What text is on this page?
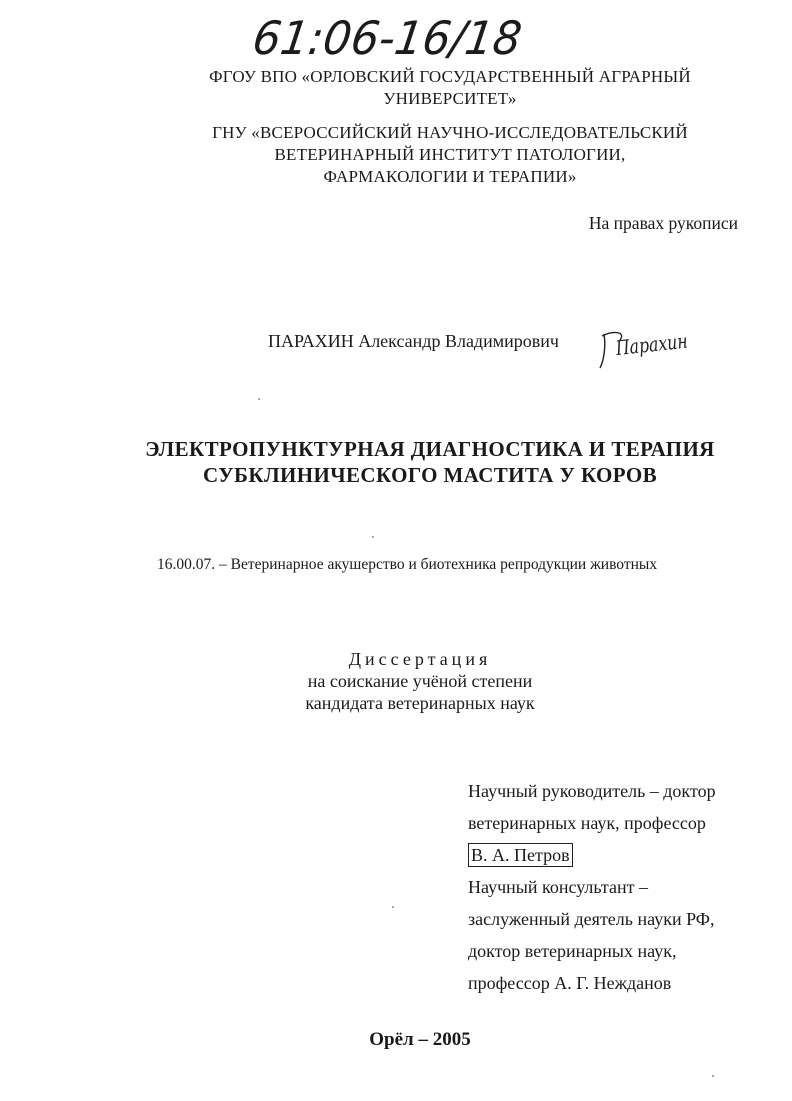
61:06-16/18
ФГОУ ВПО «ОРЛОВСКИЙ ГОСУДАРСТВЕННЫЙ АГРАРНЫЙ
УНИВЕРСИТЕТ»
ГНУ «ВСЕРОССИЙСКИЙ НАУЧНО-ИССЛЕДОВАТЕЛЬСКИЙ
ВЕТЕРИНАРНЫЙ ИНСТИТУТ ПАТОЛОГИИ,
ФАРМАКОЛОГИИ И ТЕРАПИИ»
На правах рукописи
ПАРАХИН Александр Владимирович	Парахин
ЭЛЕКТРОПУНКТУРНАЯ ДИАГНОСТИКА И ТЕРАПИЯ
СУБКЛИНИЧЕСКОГО МАСТИТА У КОРОВ
16.00.07. – Ветеринарное акушерство и биотехника репродукции животных
Диссертация
на соискание учёной степени
кандидата ветеринарных наук
Научный руководитель – доктор
ветеринарных наук, профессор
В. А. Петров
Научный консультант –
заслуженный деятель науки РФ,
доктор ветеринарных наук,
профессор А. Г. Нежданов
Орёл – 2005
